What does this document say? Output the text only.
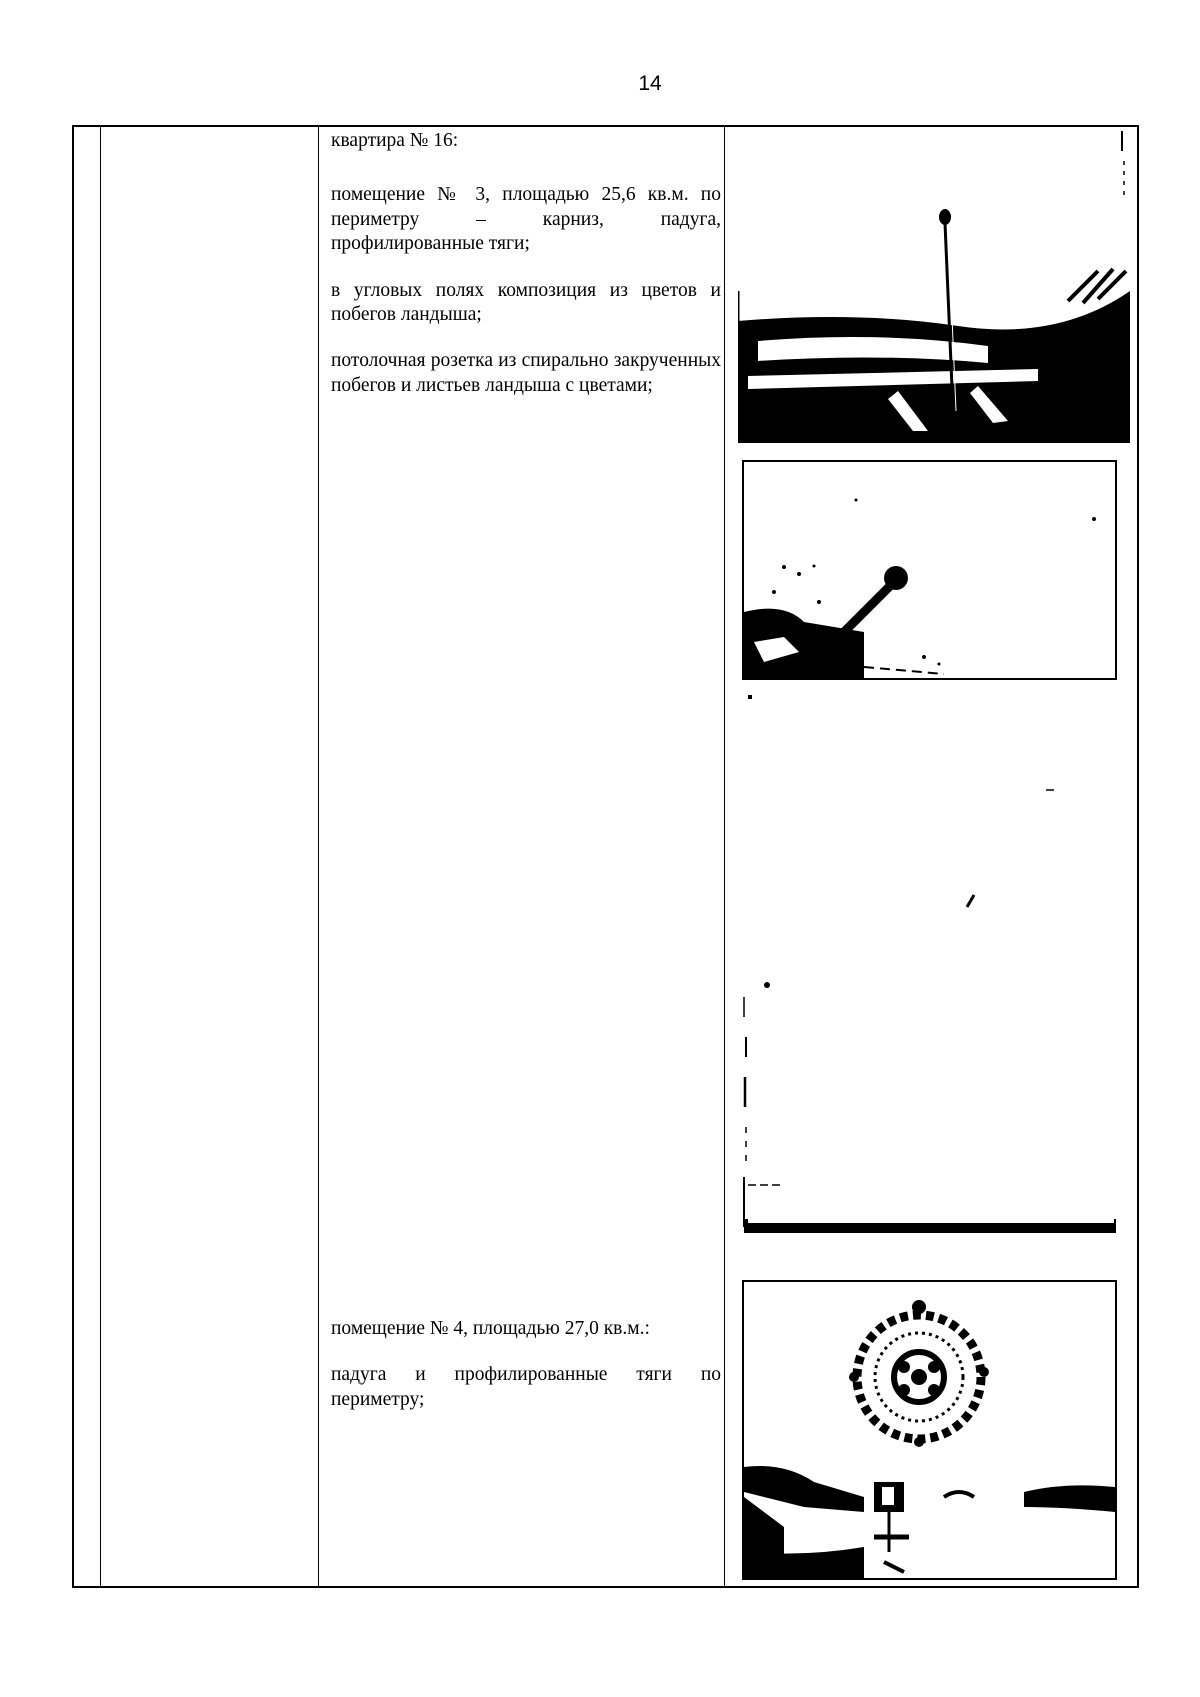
14

квартира № 16:

помещение № 3, площадью 25,6 кв.м. по периметру – карниз, падуга, профилированные тяги;

в угловых полях композиция из цветов и побегов ландыша;

потолочная розетка из спирально закрученных побегов и листьев ландыша с цветами;

помещение № 4, площадью 27,0 кв.м.:

падуга и профилированные тяги по периметру;
